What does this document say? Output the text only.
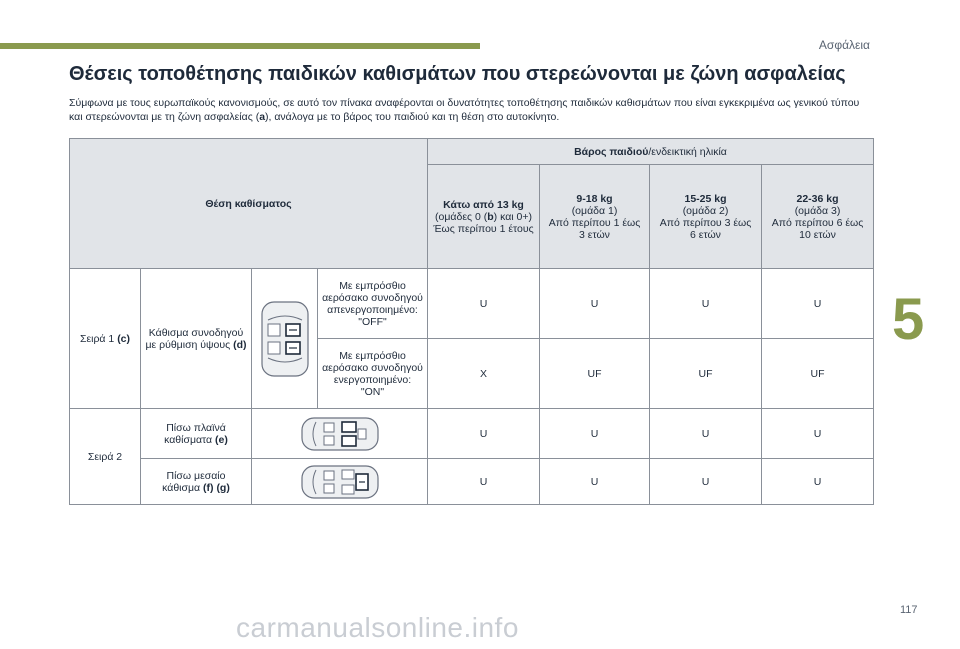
Ασφάλεια
5
Θέσεις τοποθέτησης παιδικών καθισμάτων που στερεώνονται με ζώνη ασφαλείας

Σύμφωνα με τους ευρωπαϊκούς κανονισμούς, σε αυτό τον πίνακα αναφέρονται οι δυνατότητες τοποθέτησης παιδικών καθισμάτων που είναι εγκεκριμένα ως γενικού τύπου
και στερεώνονται με τη ζώνη ασφαλείας (a), ανάλογα με το βάρος του παιδιού και τη θέση στο αυτοκίνητο.

Θέση καθίσματος				Βάρος παιδιού/ενδεικτική ηλικία			
				Κάτω από 13 kg
(ομάδες 0 (b) και 0+)
Έως περίπου 1 έτους	9-18 kg
(ομάδα 1)
Από περίπου 1 έως
3 ετών	15-25 kg
(ομάδα 2)
Από περίπου 3 έως
6 ετών	22-36 kg
(ομάδα 3)
Από περίπου 6 έως
10 ετών
Σειρά 1 (c)	Κάθισμα συνοδηγού
με ρύθμιση ύψους (d)		Με εμπρόσθιο
αερόσακο συνοδηγού
απενεργοποιημένο:
"OFF"	U	U	U	U
			Με εμπρόσθιο
αερόσακο συνοδηγού
ενεργοποιημένο:
"ON"	X	UF	UF	UF
Σειρά 2	Πίσω πλαϊνά
καθίσματα (e)			U	U	U	U
	Πίσω μεσαίο
κάθισμα (f) (g)			U	U	U	U
117
carmanualsonline.info
